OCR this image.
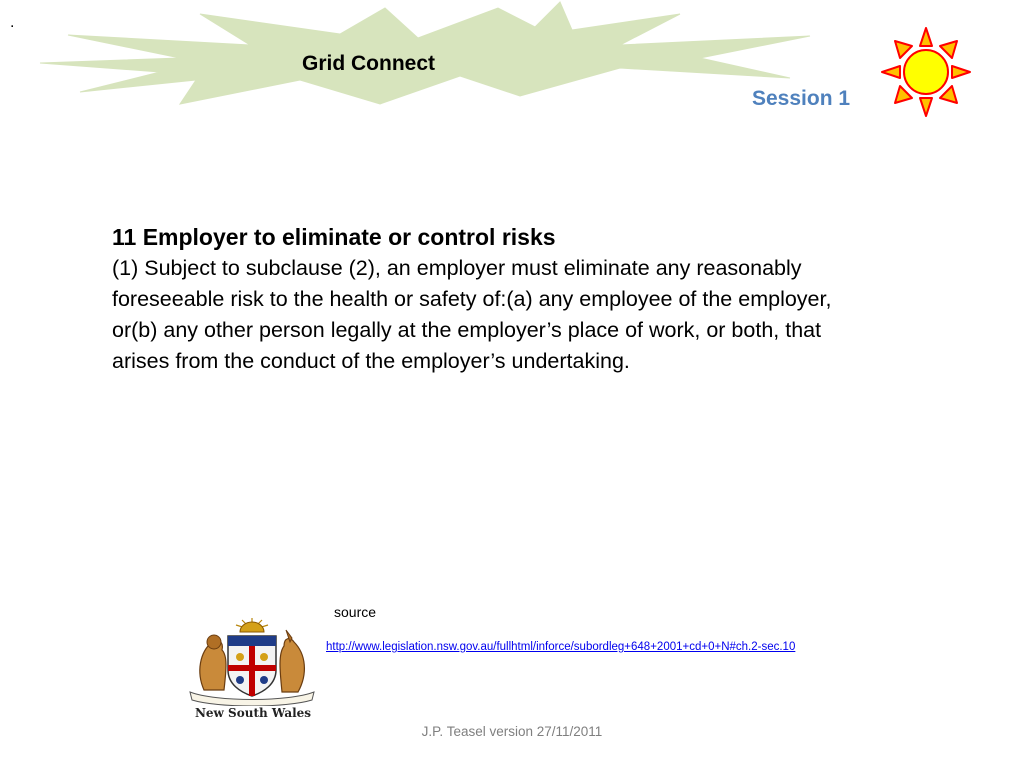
.
Grid Connect
Session 1
11 Employer to eliminate or control risks

(1) Subject to subclause (2), an employer must eliminate any reasonably foreseeable risk to the health or safety of:(a) any employee of the employer, or(b) any other person legally at the employer’s place of work, or both, that arises from the conduct of the employer’s undertaking.

source
http://www.legislation.nsw.gov.au/fullhtml/inforce/subordleg+648+2001+cd+0+N#ch.2-sec.10
New South Wales
J.P. Teasel version 27/11/2011
